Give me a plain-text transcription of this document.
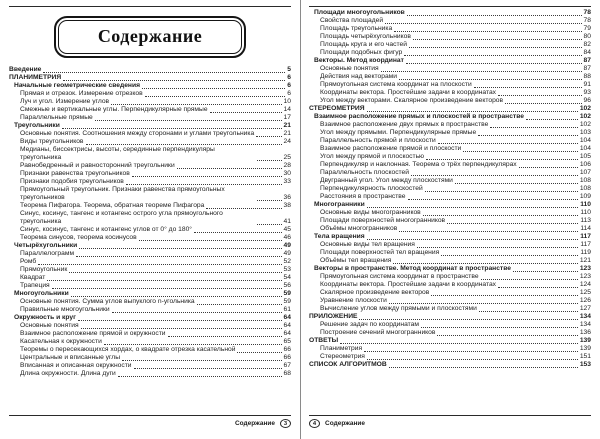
Содержание
Введение	5
ПЛАНИМЕТРИЯ	6
Начальные геометрические сведения	6
Прямая и отрезок. Измерение отрезков	6
Луч и угол. Измерение углов	10
Смежные и вертикальные углы. Перпендикулярные прямые	14
Параллельные прямые	17
Треугольники	21
Основные понятия. Соотношения между сторонами и углами треугольника	21
Виды треугольников	24
Медианы, биссектрисы, высоты, серединные перпендикуляры треугольника	25
Равнобедренный и равносторонний треугольники	28
Признаки равенства треугольников	30
Признаки подобия треугольников	33
Прямоугольный треугольник. Признаки равенства прямоугольных треугольников	36
Теорема Пифагора. Теорема, обратная теореме Пифагора	38
Синус, косинус, тангенс и котангенс острого угла прямоугольного треугольника	41
Синус, косинус, тангенс и котангенс углов от 0° до 180°	45
Теорема синусов, теорема косинусов	46
Четырёхугольники	49
Параллелограмм	49
Ромб	52
Прямоугольник	53
Квадрат	54
Трапеция	56
Многоугольники	59
Основные понятия. Сумма углов выпуклого n-угольника	59
Правильные многоугольники	61
Окружность и круг	64
Основные понятия	64
Взаимное расположение прямой и окружности	64
Касательная к окружности	65
Теоремы о пересекающихся хордах, о квадрате отрезка касательной	66
Центральные и вписанные углы	66
Вписанная и описанная окружности	67
Длина окружности. Длина дуги	68
Содержание	3
Площади многоугольников	78
Свойства площадей	78
Площадь треугольника	79
Площадь четырёхугольников	80
Площадь круга и его частей	82
Площади подобных фигур	84
Векторы. Метод координат	87
Основные понятия	87
Действия над векторами	88
Прямоугольная система координат на плоскости	91
Координаты вектора. Простейшие задачи в координатах	93
Угол между векторами. Скалярное произведение векторов	96
СТЕРЕОМЕТРИЯ	102
Взаимное расположение прямых и плоскостей в пространстве	102
Взаимное расположение двух прямых в пространстве	102
Угол между прямыми. Перпендикулярные прямые	103
Параллельность прямой и плоскости	104
Взаимное расположение прямой и плоскости	104
Угол между прямой и плоскостью	105
Перпендикуляр и наклонная. Теорема о трёх перпендикулярах	106
Параллельность плоскостей	107
Двугранный угол. Угол между плоскостями	108
Перпендикулярность плоскостей	108
Расстояния в пространстве	109
Многогранники	110
Основные виды многогранников	110
Площади поверхностей многогранников	113
Объёмы многогранников	114
Тела вращения	117
Основные виды тел вращения	117
Площади поверхностей тел вращения	119
Объёмы тел вращения	121
Векторы в пространстве. Метод координат в пространстве	123
Прямоугольная система координат в пространстве	123
Координаты вектора. Простейшие задачи в координатах	124
Скалярное произведение векторов	125
Уравнение плоскости	126
Вычисление углов между прямыми и плоскостями	127
ПРИЛОЖЕНИЕ	134
Решение задач по координатам	134
Построение сечений многогранников	136
ОТВЕТЫ	139
Планиметрия	139
Стереометрия	151
СПИСОК АЛГОРИТМОВ	153
4	Содержание
